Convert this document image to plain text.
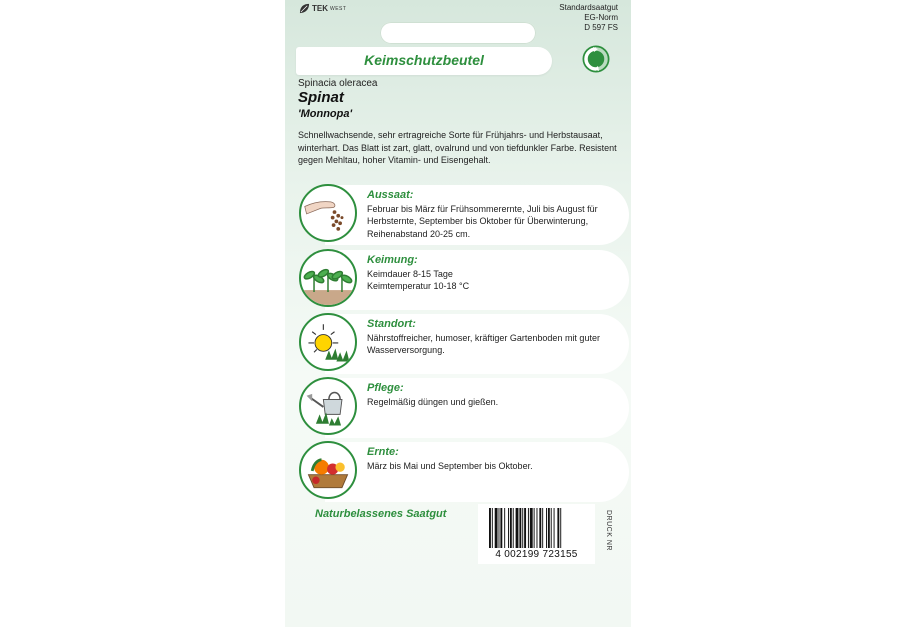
TEK WEST	Standardsaatgut
EG-Norm
D 597 FS
Keimschutzbeutel
Spinacia oleracea
Spinat
'Monnopa'
Schnellwachsende, sehr ertragreiche Sorte für Frühjahrs- und Herbstausaat, winterhart. Das Blatt ist zart, glatt, ovalrund und von tiefdunkler Farbe. Resistent gegen Mehltau, hoher Vitamin- und Eisengehalt.
Aussaat:
Februar bis März für Frühsommerernte, Juli bis August für Herbsternte, September bis Oktober für Überwinterung, Reihenabstand 20-25 cm.
Keimung:
Keimdauer 8-15 Tage
Keimtemperatur 10-18 °C
Standort:
Nährstoffreicher, humoser, kräftiger Gartenboden mit guter Wasserversorgung.
Pflege:
Regelmäßig düngen und gießen.
Ernte:
März bis Mai und September bis Oktober.
Naturbelassenes Saatgut
4 002199 723155
DRUCK NR
